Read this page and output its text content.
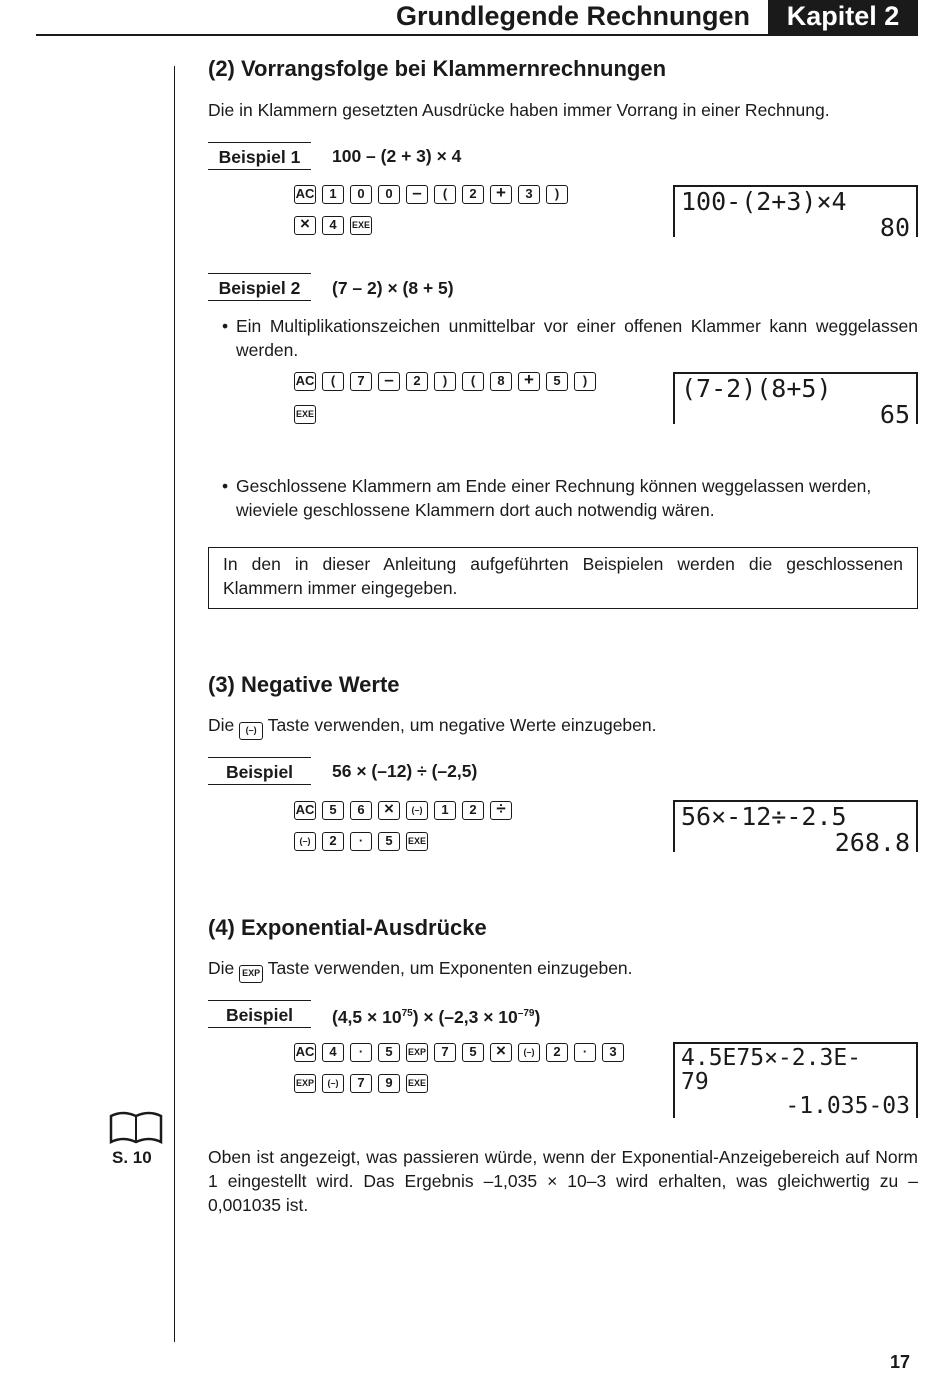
Grundlegende Rechnungen	Kapitel 2
(2) Vorrangsfolge bei Klammernrechnungen
Die in Klammern gesetzten Ausdrücke haben immer Vorrang in einer Rechnung.
Beispiel 1	100 – (2 + 3) × 4
AC	1	0	0	–	(	2	+	3	)
×	4	EXE
100-(2+3)×4
80
Beispiel 2	(7 – 2) × (8 + 5)
• Ein Multiplikationszeichen unmittelbar vor einer offenen Klammer kann weggelassen werden.
AC	(	7	–	2	)	(	8	+	5	)
EXE
(7-2)(8+5)
65
• Geschlossene Klammern am Ende einer Rechnung können weggelassen werden, wieviele geschlossene Klammern dort auch notwendig wären.
In den in dieser Anleitung aufgeführten Beispielen werden die geschlossenen Klammern immer eingegeben.
(3) Negative Werte
Die (–) Taste verwenden, um negative Werte einzugeben.
Beispiel	56 × (–12) ÷ (–2,5)
AC	5	6	×	(–)	1	2	÷
(–)	2	·	5	EXE
56×-12÷-2.5
268.8
(4) Exponential-Ausdrücke
Die EXP Taste verwenden, um Exponenten einzugeben.
Beispiel	$(4,5 \times 10^{75}) \times (-2,3 \times 10^{-79})$
AC	4	·	5	EXP	7	5	×	(–)	2	·	3
EXP	(–)	7	9	EXE
4.5E75×-2.3E-
79
-1.035-03
S. 10	Oben ist angezeigt, was passieren würde, wenn der Exponential-Anzeigebereich auf Norm 1 eingestellt wird. Das Ergebnis –1,035 × 10–3 wird erhalten, was gleichwertig zu –0,001035 ist.
17
